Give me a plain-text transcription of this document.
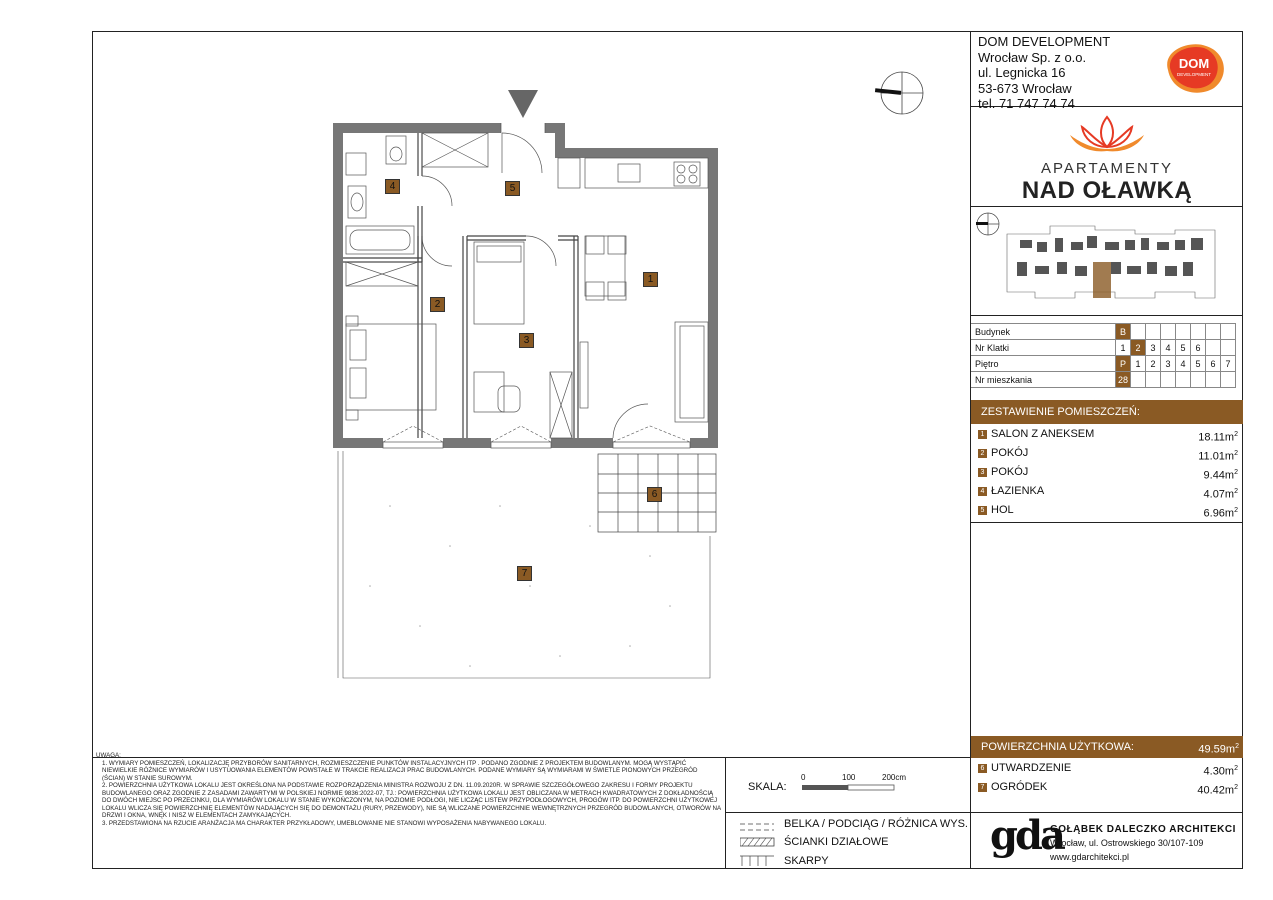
DOM DEVELOPMENT
Wrocław Sp. z o.o.
ul. Legnicka 16
53-673 Wrocław
tel. 71 747 74 74
DOM
DEVELOPMENT
APARTAMENTY
NAD OŁAWKĄ
Budynek	B							
Nr Klatki	1	2	3	4	5	6		
Piętro	P	1	2	3	4	5	6	7
Nr mieszkania	28							
ZESTAWIENIE POMIESZCZEŃ:
1 SALON Z ANEKSEM	$18.11m^2$
2 POKÓJ	$11.01m^2$
3 POKÓJ	$9.44m^2$
4 ŁAZIENKA	$4.07m^2$
5 HOL	$6.96m^2$
POWIERZCHNIA UŻYTKOWA:	$49.59m^2$
6 UTWARDZENIE	$4.30m^2$
7 OGRÓDEK	$40.42m^2$
1
2
3
4	5
6
7

UWAGA:

1. WYMIARY POMIESZCZEŃ, LOKALIZACJĘ PRZYBORÓW SANITARNYCH, ROZMIESZCZENIE PUNKTÓW INSTALACYJNYCH ITP . PODANO ZGODNIE Z PROJEKTEM BUDOWLANYM. MOGĄ WYSTĄPIĆ NIEWIELKIE RÓŻNICE WYMIARÓW I USYTUOWANIA ELEMENTÓW POWSTAŁE W TRAKCIE REALIZACJI PRAC BUDOWLANYCH. PODANE WYMIARY SĄ WYMIARAMI W ŚWIETLE PIONOWYCH PRZEGRÓD (ŚCIAN) W STANIE SUROWYM.

2. POWIERZCHNIA UŻYTKOWA LOKALU JEST OKREŚLONA NA PODSTAWIE ROZPORZĄDZENIA MINISTRA ROZWOJU Z DN. 11.09.2020R. W SPRAWIE SZCZEGÓŁOWEGO ZAKRESU I FORMY PROJEKTU BUDOWLANEGO ORAZ ZGODNIE Z ZASADAMI ZAWARTYMI W POLSKIEJ NORMIE 9836:2022-07, TJ.: POWIERZCHNIA UŻYTKOWA LOKALU JEST OBLICZANA W METRACH KWADRATOWYCH Z DOKŁADNOŚCIĄ DO DWÓCH MIEJSC PO PRZECINKU, DLA WYMIARÓW LOKALU W STANIE WYKOŃCZONYM, NA POZIOMIE PODŁOGI, NIE LICZĄC LISTEW PRZYPODŁOGOWYCH, PROGÓW ITP. DO POWIERZCHNI UŻYTKOWEJ LOKALU WLICZA SIĘ POWIERZCHNIĘ ELEMENTÓW NADAJĄCYCH SIĘ DO DEMONTAŻU (RURY, PRZEWODY), NIE SĄ WLICZANE POWIERZCHNIE WEWNĘTRZNYCH PRZEGRÓD BUDOWLANYCH, OTWORÓW NA DRZWI I OKNA, WNĘK I NISZ W ELEMENTACH ZAMYKAJĄCYCH.

3. PRZEDSTAWIONA NA RZUCIE ARANŻACJA MA CHARAKTER PRZYKŁADOWY, UMEBLOWANIE NIE STANOWI WYPOSAŻENIA NABYWANEGO LOKALU.

SKALA:
0	100	200cm
BELKA / PODCIĄG / RÓŻNICA WYS.
ŚCIANKI DZIAŁOWE
SKARPY
gda
GOŁĄBEK DALECZKO ARCHITEKCI
Wrocław, ul. Ostrowskiego 30/107-109
www.gdarchitekci.pl
